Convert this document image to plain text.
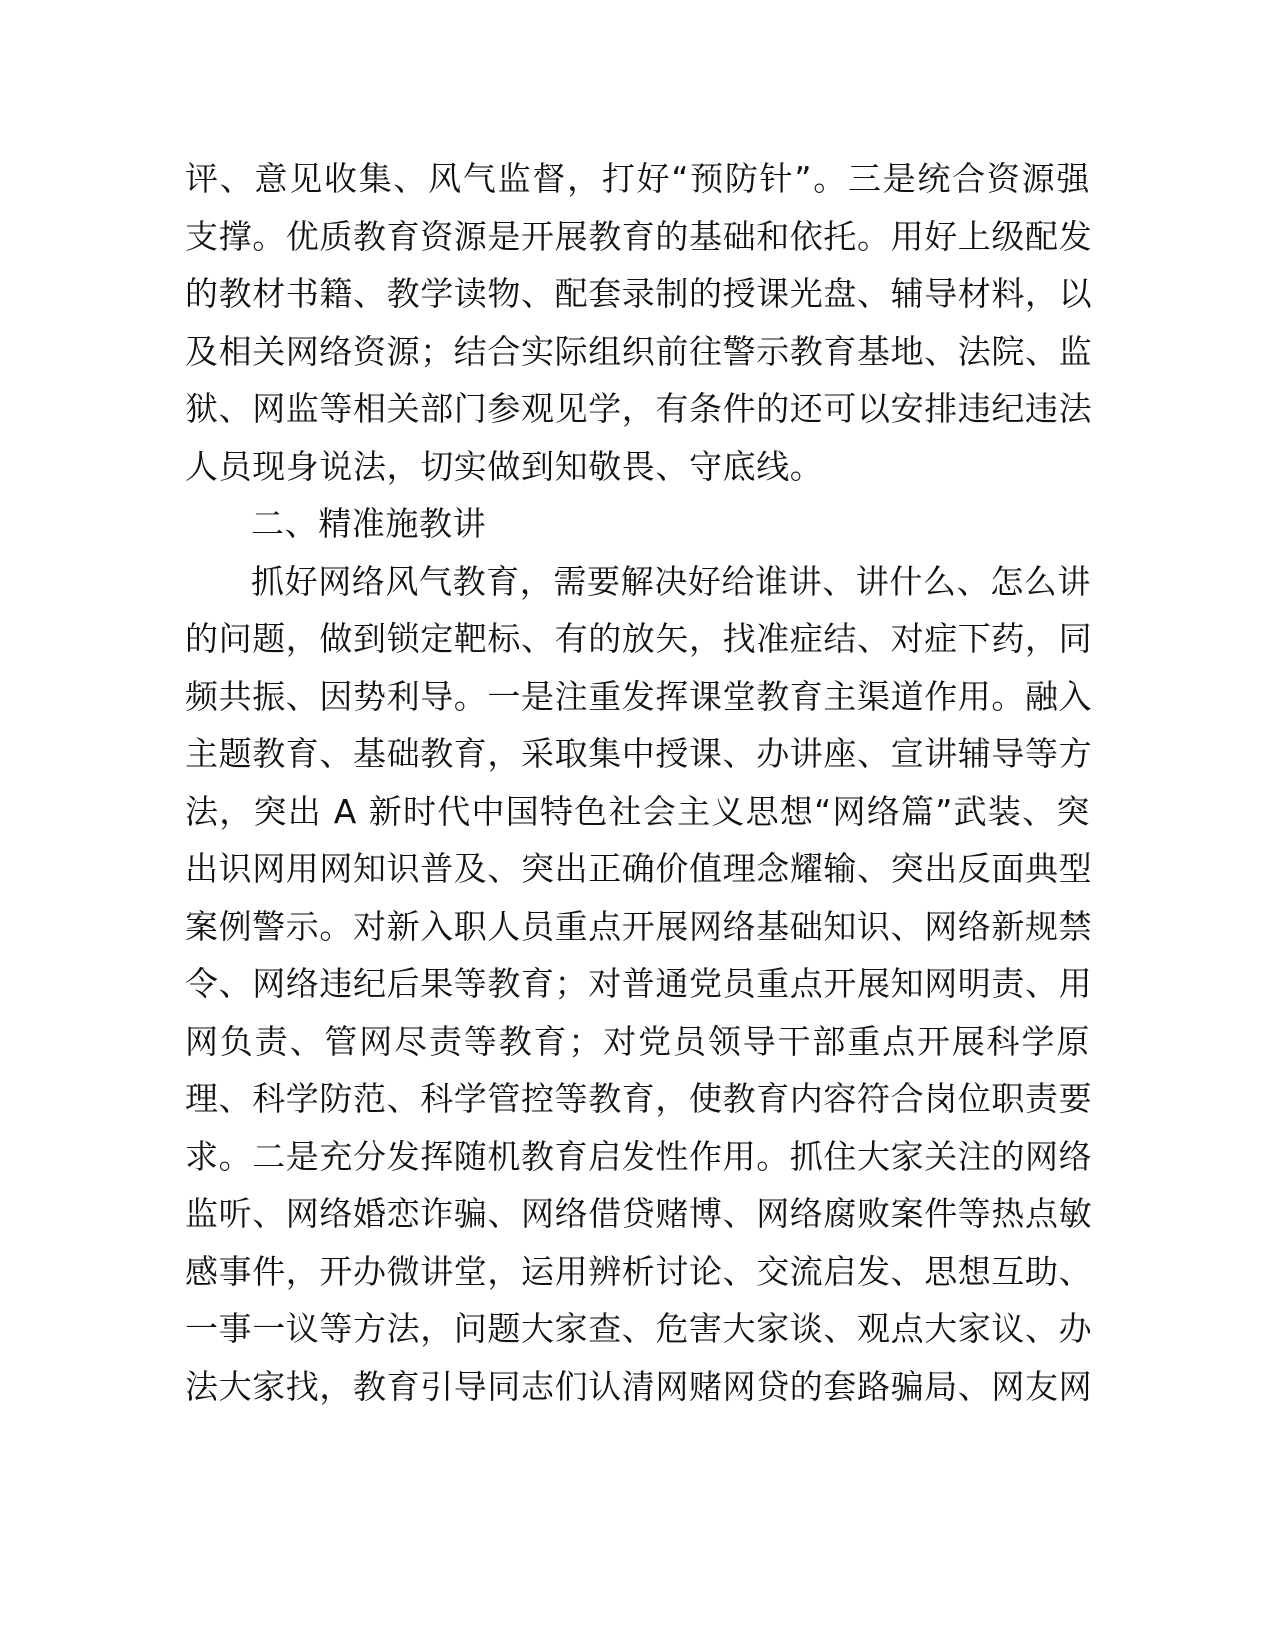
评、意见收集、风气监督，打好“预防针”。三是统合资源强
支撑。优质教育资源是开展教育的基础和依托。用好上级配发
的教材书籍、教学读物、配套录制的授课光盘、辅导材料，以
及相关网络资源；结合实际组织前往警示教育基地、法院、监
狱、网监等相关部门参观见学，有条件的还可以安排违纪违法
人员现身说法，切实做到知敬畏、守底线。

二、精准施教讲

抓好网络风气教育，需要解决好给谁讲、讲什么、怎么讲
的问题，做到锁定靶标、有的放矢，找准症结、对症下药，同
频共振、因势利导。一是注重发挥课堂教育主渠道作用。融入
主题教育、基础教育，采取集中授课、办讲座、宣讲辅导等方
法，突出 A 新时代中国特色社会主义思想“网络篇”武装、突
出识网用网知识普及、突出正确价值理念耀输、突出反面典型
案例警示。对新入职人员重点开展网络基础知识、网络新规禁
令、网络违纪后果等教育；对普通党员重点开展知网明责、用
网负责、管网尽责等教育；对党员领导干部重点开展科学原
理、科学防范、科学管控等教育，使教育内容符合岗位职责要
求。二是充分发挥随机教育启发性作用。抓住大家关注的网络
监听、网络婚恋诈骗、网络借贷赌博、网络腐败案件等热点敏
感事件，开办微讲堂，运用辨析讨论、交流启发、思想互助、
一事一议等方法，问题大家查、危害大家谈、观点大家议、办
法大家找，教育引导同志们认清网赌网贷的套路骗局、网友网
